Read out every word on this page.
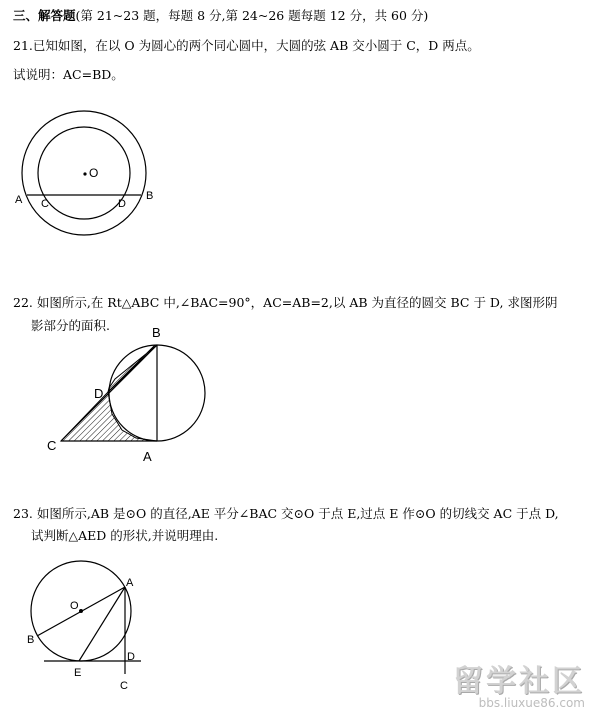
三、解答题(第 21~23 题，每题 8 分,第 24~26 题每题 12 分，共 60 分)
21.已知如图，在以 O 为圆心的两个同心圆中，大圆的弦 AB 交小圆于 C，D 两点。
试说明：AC=BD。
O
A C	D
B
22. 如图所示,在 Rt△ABC 中,∠BAC=90°，AC=AB=2,以 AB 为直径的圆交 BC 于 D, 求图形阴
影部分的面积.	B
D
C
A
23. 如图所示,AB 是⊙O 的直径,AE 平分∠BAC 交⊙O 于点 E,过点 E 作⊙O 的切线交 AC 于点 D,
试判断△AED 的形状,并说明理由.
A
O
B
D
E
C	留学社区
bbs.liuxue86.com
